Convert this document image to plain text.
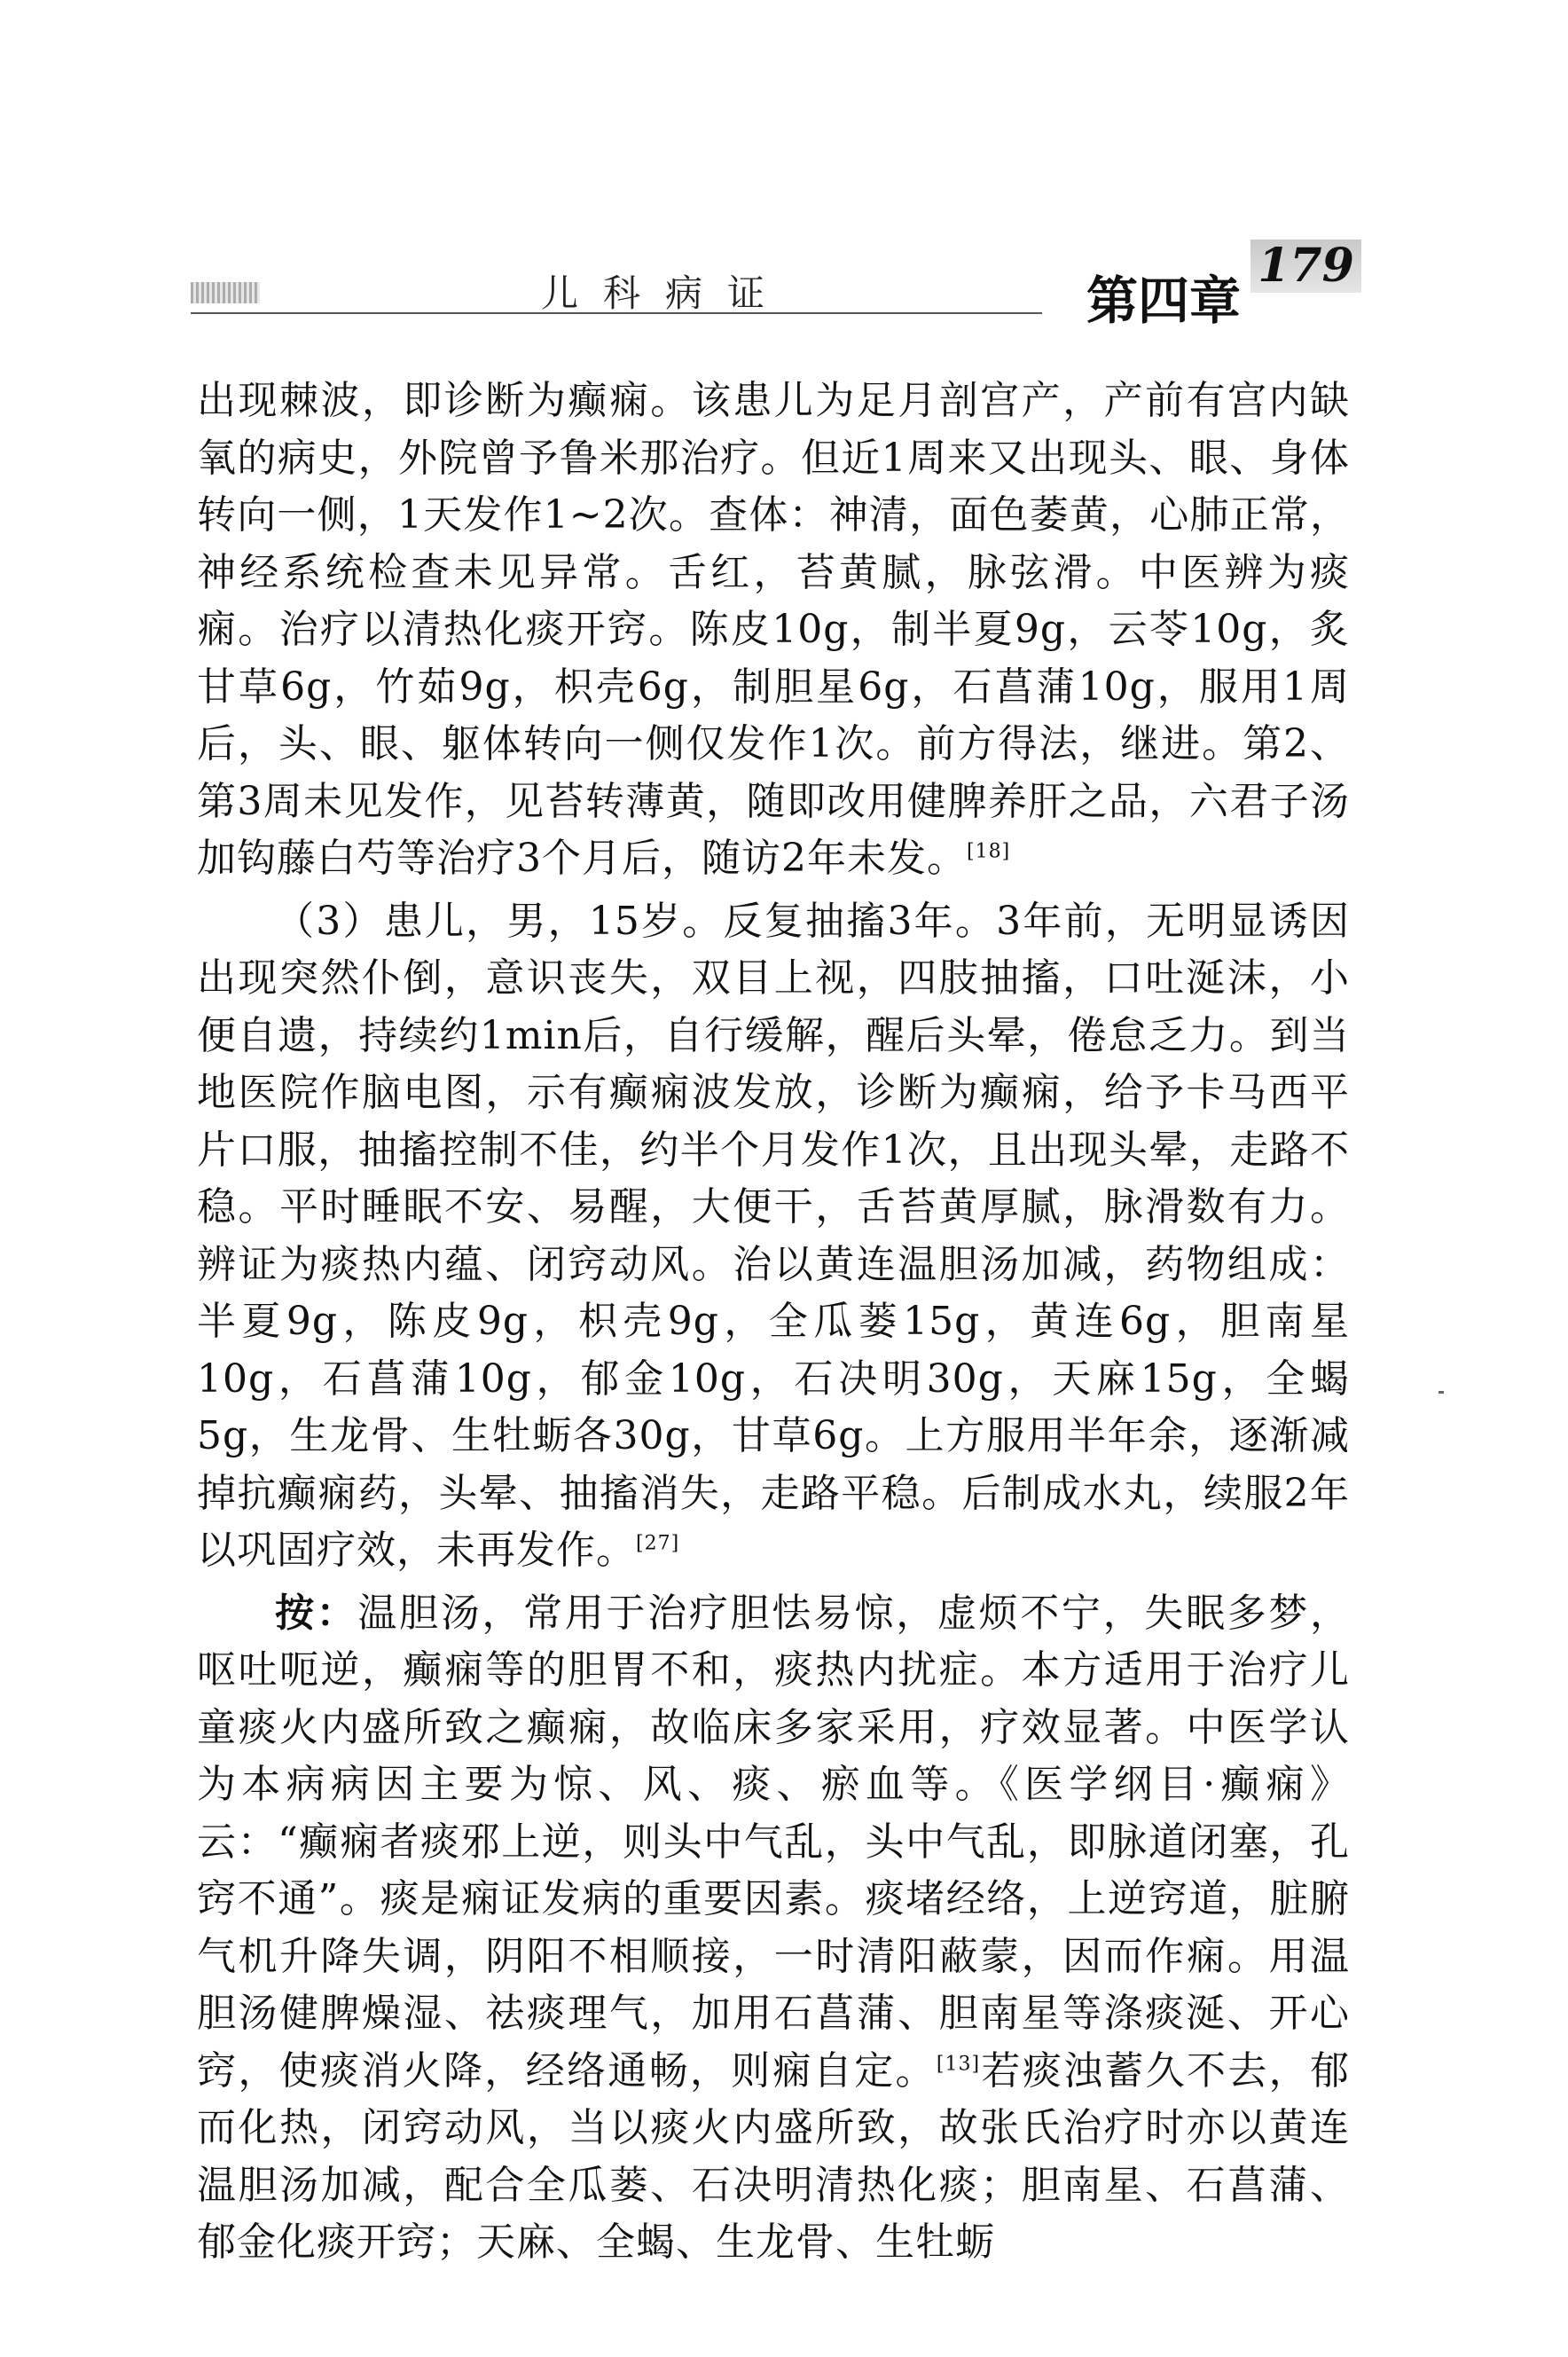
儿科病证	第四章
179

出现棘波，即诊断为癫痫。该患儿为足月剖宫产，产前有宫内缺氧的病史，外院曾予鲁米那治疗。但近1周来又出现头、眼、身体转向一侧，1天发作1~2次。查体：神清，面色萎黄，心肺正常，神经系统检查未见异常。舌红，苔黄腻，脉弦滑。中医辨为痰痫。治疗以清热化痰开窍。陈皮10g，制半夏9g，云苓10g，炙甘草6g，竹茹9g，枳壳6g，制胆星6g，石菖蒲10g，服用1周后，头、眼、躯体转向一侧仅发作1次。前方得法，继进。第2、第3周未见发作，见苔转薄黄，随即改用健脾养肝之品，六君子汤加钩藤白芍等治疗3个月后，随访2年未发。[18]

（3）患儿，男，15岁。反复抽搐3年。3年前，无明显诱因出现突然仆倒，意识丧失，双目上视，四肢抽搐，口吐涎沫，小便自遗，持续约1min后，自行缓解，醒后头晕，倦怠乏力。到当地医院作脑电图，示有癫痫波发放，诊断为癫痫，给予卡马西平片口服，抽搐控制不佳，约半个月发作1次，且出现头晕，走路不稳。平时睡眠不安、易醒，大便干，舌苔黄厚腻，脉滑数有力。辨证为痰热内蕴、闭窍动风。治以黄连温胆汤加减，药物组成：半夏9g，陈皮9g，枳壳9g，全瓜蒌15g，黄连6g，胆南星10g，石菖蒲10g，郁金10g，石决明30g，天麻15g，全蝎5g，生龙骨、生牡蛎各30g，甘草6g。上方服用半年余，逐渐减掉抗癫痫药，头晕、抽搐消失，走路平稳。后制成水丸，续服2年以巩固疗效，未再发作。[27]

按：温胆汤，常用于治疗胆怯易惊，虚烦不宁，失眠多梦，呕吐呃逆，癫痫等的胆胃不和，痰热内扰症。本方适用于治疗儿童痰火内盛所致之癫痫，故临床多家采用，疗效显著。中医学认为本病病因主要为惊、风、痰、瘀血等。《医学纲目·癫痫》云：“癫痫者痰邪上逆，则头中气乱，头中气乱，即脉道闭塞，孔窍不通”。痰是痫证发病的重要因素。痰堵经络，上逆窍道，脏腑气机升降失调，阴阳不相顺接，一时清阳蔽蒙，因而作痫。用温胆汤健脾燥湿、祛痰理气，加用石菖蒲、胆南星等涤痰涎、开心窍，使痰消火降，经络通畅，则痫自定。[13]若痰浊蓄久不去，郁而化热，闭窍动风，当以痰火内盛所致，故张氏治疗时亦以黄连温胆汤加减，配合全瓜蒌、石决明清热化痰；胆南星、石菖蒲、郁金化痰开窍；天麻、全蝎、生龙骨、生牡蛎
